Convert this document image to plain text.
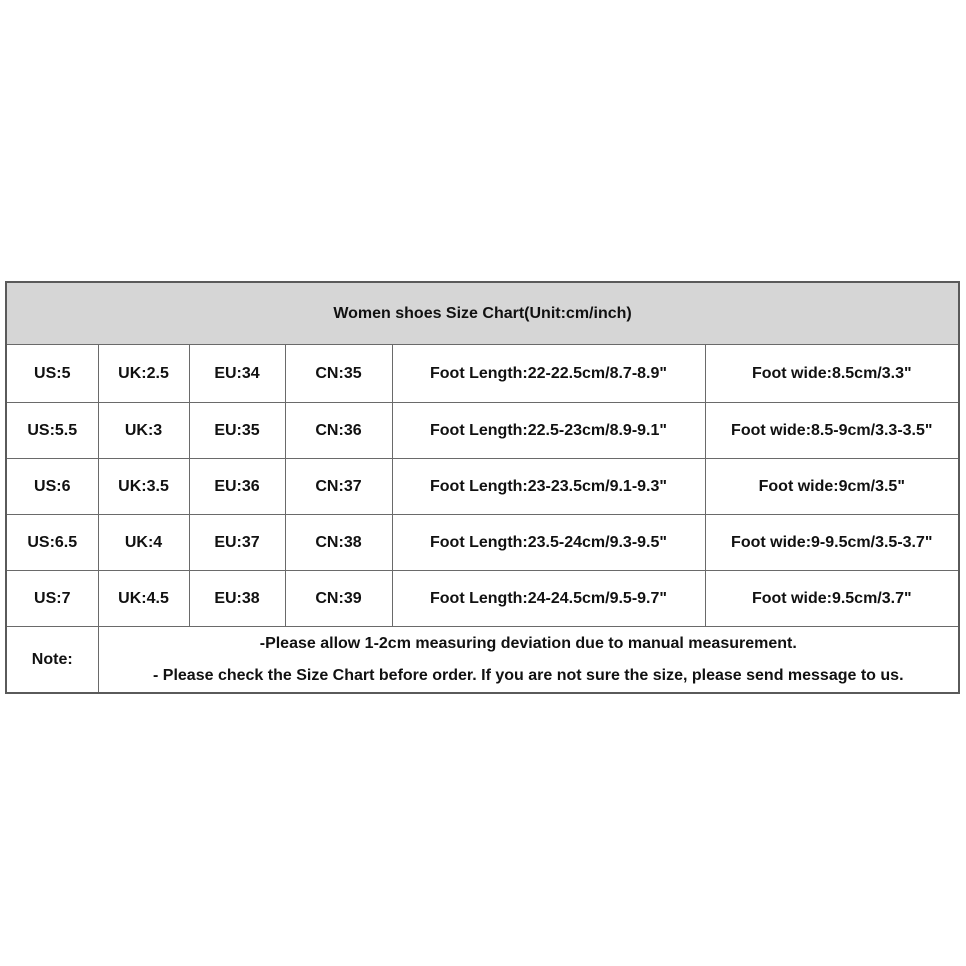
Women shoes Size Chart(Unit:cm/inch)					
US:5	UK:2.5	EU:34	CN:35	Foot Length:22-22.5cm/8.7-8.9"	Foot wide:8.5cm/3.3"
US:5.5	UK:3	EU:35	CN:36	Foot Length:22.5-23cm/8.9-9.1"	Foot wide:8.5-9cm/3.3-3.5"
US:6	UK:3.5	EU:36	CN:37	Foot Length:23-23.5cm/9.1-9.3"	Foot wide:9cm/3.5"
US:6.5	UK:4	EU:37	CN:38	Foot Length:23.5-24cm/9.3-9.5"	Foot wide:9-9.5cm/3.5-3.7"
US:7	UK:4.5	EU:38	CN:39	Foot Length:24-24.5cm/9.5-9.7"	Foot wide:9.5cm/3.7"
Note:	-Please allow 1-2cm measuring deviation due to manual measurement.
- Please check the Size Chart before order. If you are not sure the size, please send message to us.				
